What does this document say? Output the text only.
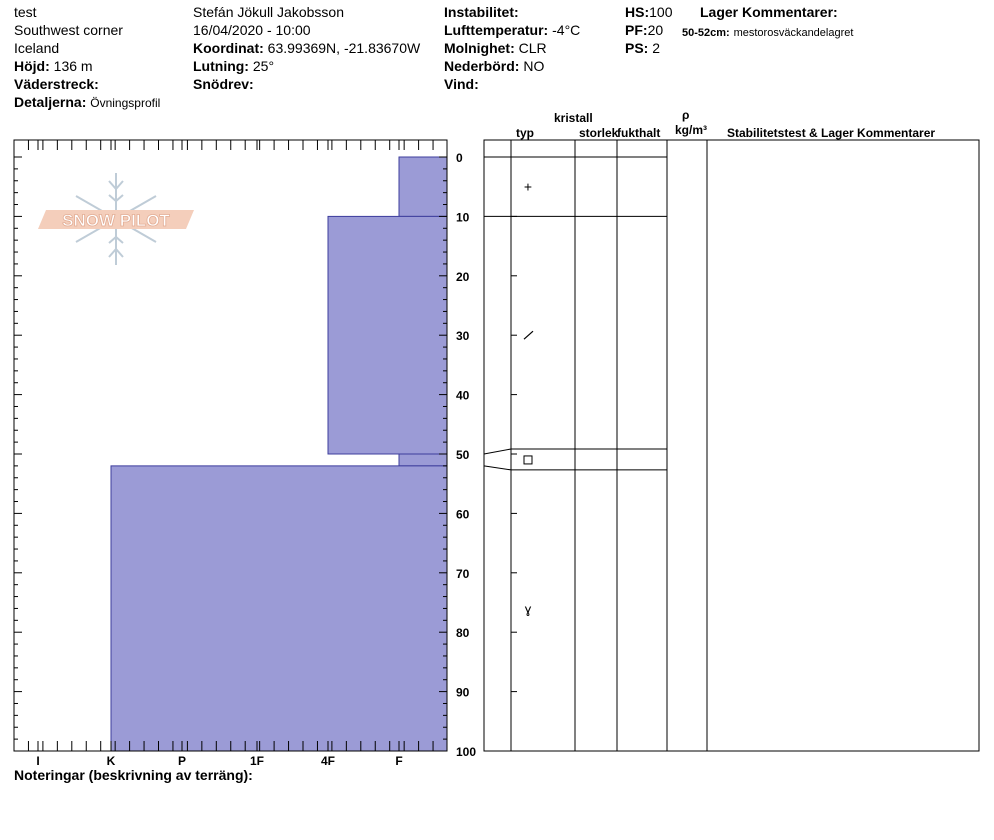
test
Southwest corner
Iceland
Höjd: 136 m
Väderstreck:
Detaljerna: Övningsprofil
Stefán Jökull Jakobsson
16/04/2020 - 10:00
Koordinat: 63.99369N, -21.83670W
Lutning: 25°
Snödrev:
Instabilitet:
Lufttemperatur: -4°C
Molnighet: CLR
Nederbörd: NO
Vind:
HS:100
PF:20
PS: 2
Lager Kommentarer:
50-52cm: mestorosväckandelagret
SNOW PILOT
I	K	P	1F	4F	F
0
10
20
30
40
50
60
70
80
90
100
+
ɣ
kristall
typ	storlek
fukthalt
ρ
kg/m³ Stabilitetstest & Lager Kommentarer
Noteringar (beskrivning av terräng):
